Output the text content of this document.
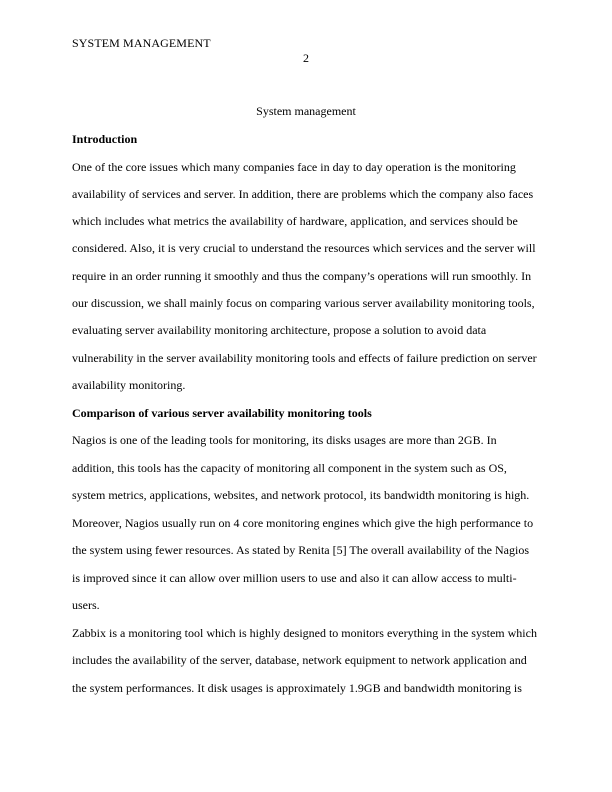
SYSTEM MANAGEMENT
2
System management
Introduction
One of the core issues which many companies face in day to day operation is the monitoring
availability of services and server. In addition, there are problems which the company also faces
which includes what metrics the availability of hardware, application, and services should be
considered. Also, it is very crucial to understand the resources which services and the server will
require in an order running it smoothly and thus the company’s operations will run smoothly. In
our discussion, we shall mainly focus on comparing various server availability monitoring tools,
evaluating server availability monitoring architecture, propose a solution to avoid data
vulnerability in the server availability monitoring tools and effects of failure prediction on server
availability monitoring.
Comparison of various server availability monitoring tools
Nagios is one of the leading tools for monitoring, its disks usages are more than 2GB. In
addition, this tools has the capacity of monitoring all component in the system such as OS,
system metrics, applications, websites, and network protocol, its bandwidth monitoring is high.
Moreover, Nagios usually run on 4 core monitoring engines which give the high performance to
the system using fewer resources. As stated by Renita [5] The overall availability of the Nagios
is improved since it can allow over million users to use and also it can allow access to multi-
users.
Zabbix is a monitoring tool which is highly designed to monitors everything in the system which
includes the availability of the server, database, network equipment to network application and
the system performances. It disk usages is approximately 1.9GB and bandwidth monitoring is
